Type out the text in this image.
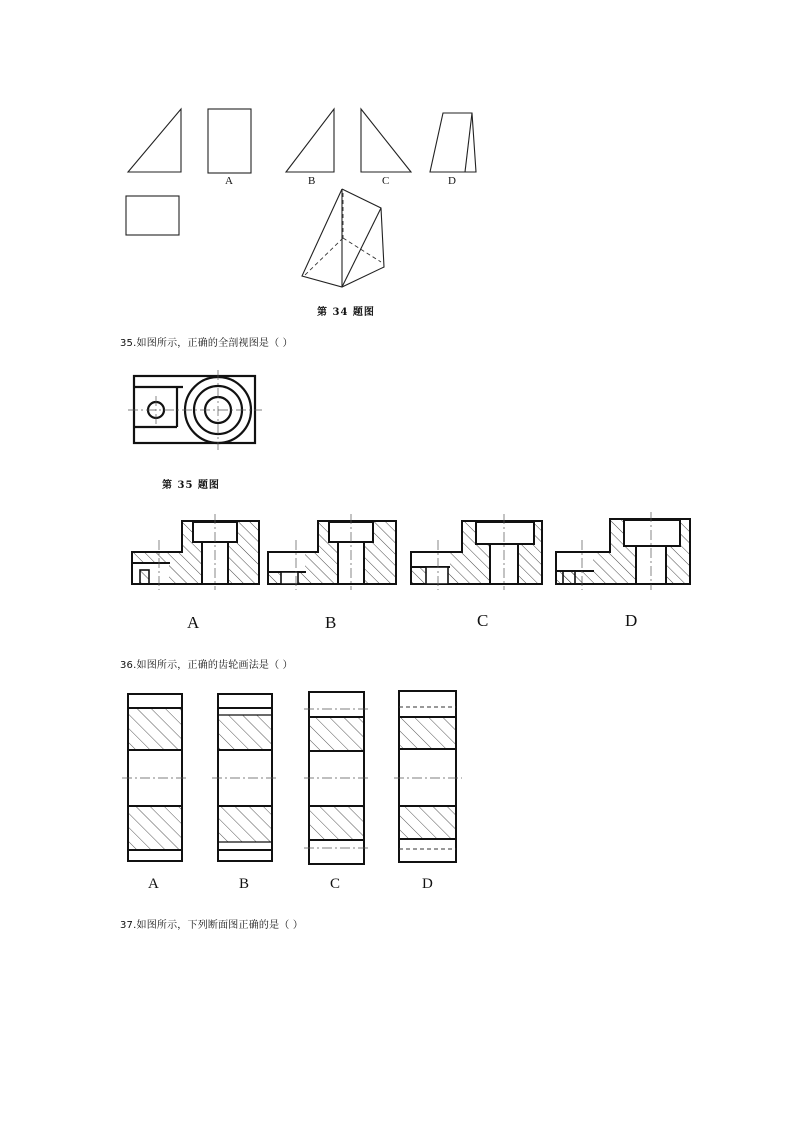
A	B	C	D
第 34 题图
35.如图所示，正确的全剖视图是（ ）
第 35 题图
A	B	C	D
36.如图所示，正确的齿轮画法是（ ）
A	B	C	D
37.如图所示，下列断面图正确的是（ ）
